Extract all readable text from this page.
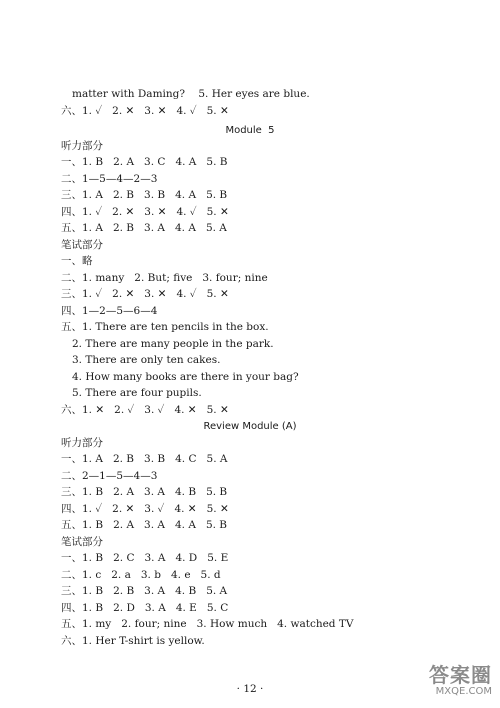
matter with Daming?    5. Her eyes are blue.
六、1. ✓   2. ✕   3. ✕   4. ✓   5. ✕
Module  5
听力部分
一、1. B   2. A   3. C   4. A   5. B
二、1—5—4—2—3
三、1. A   2. B   3. B   4. A   5. B
四、1. ✓   2. ✕   3. ✕   4. ✓   5. ✕
五、1. A   2. B   3. A   4. A   5. A
笔试部分
一、略
二、1. many   2. But; five   3. four; nine
三、1. ✓   2. ✕   3. ✕   4. ✓   5. ✕
四、1—2—5—6—4
五、1. There are ten pencils in the box.
2. There are many people in the park.
3. There are only ten cakes.
4. How many books are there in your bag?
5. There are four pupils.
六、1. ✕   2. ✓   3. ✓   4. ✕   5. ✕
Review Module (A)
听力部分
一、1. A   2. B   3. B   4. C   5. A
二、2—1—5—4—3
三、1. B   2. A   3. A   4. B   5. B
四、1. ✓   2. ✕   3. ✓   4. ✕   5. ✕
五、1. B   2. A   3. A   4. A   5. B
笔试部分
一、1. B   2. C   3. A   4. D   5. E
二、1. c   2. a   3. b   4. e   5. d
三、1. B   2. B   3. A   4. B   5. A
四、1. B   2. D   3. A   4. E   5. C
五、1. my   2. four; nine   3. How much   4. watched TV
六、1. Her T-shirt is yellow.
· 12 ·
答案圈
MXQE.COM
